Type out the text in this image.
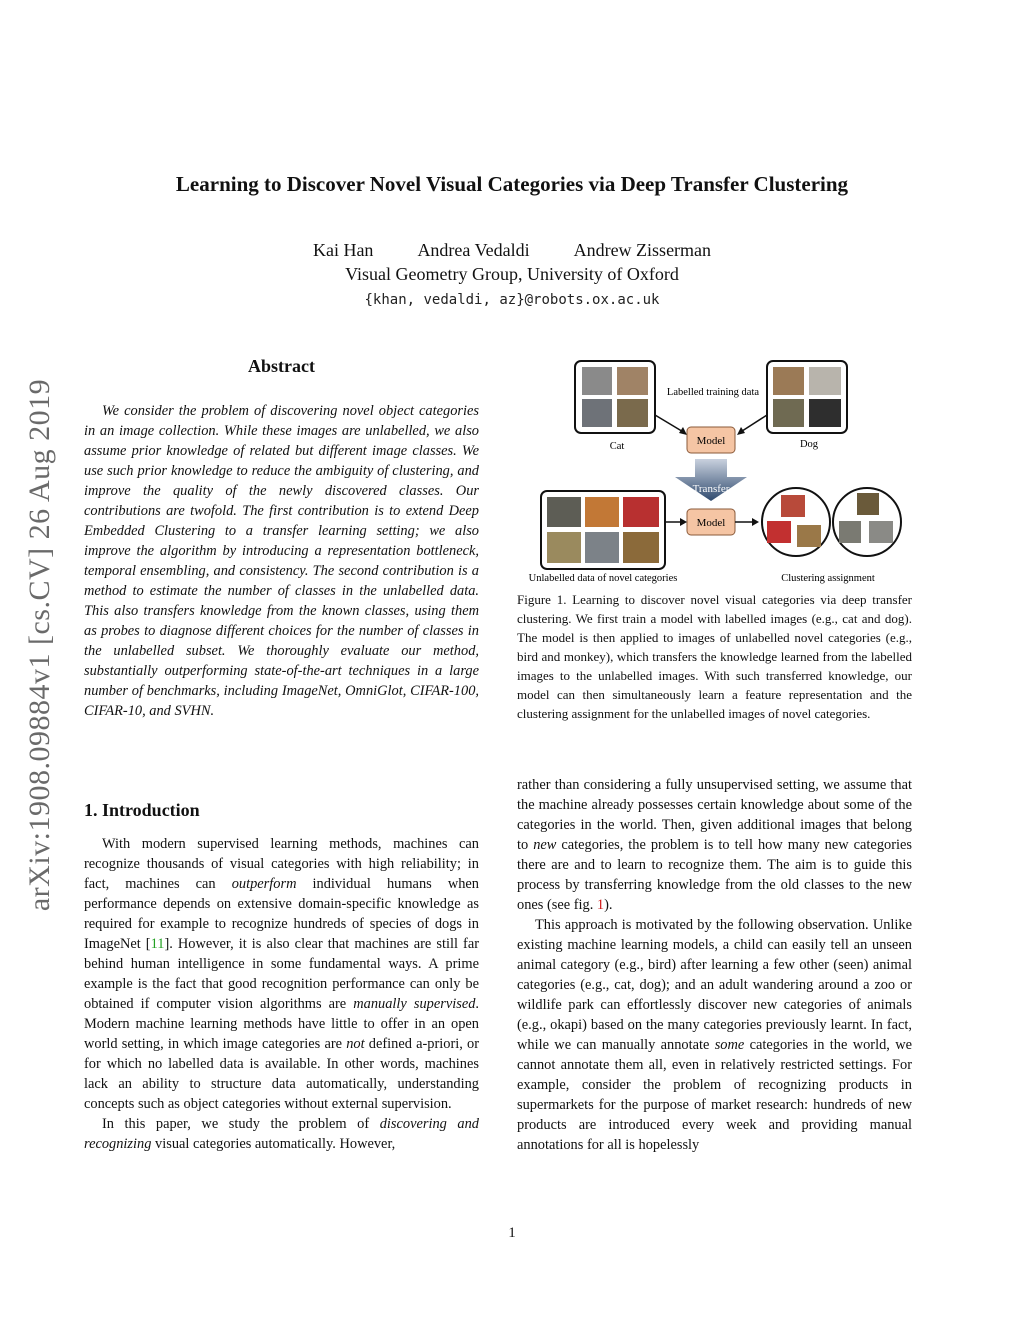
arXiv:1908.09884v1 [cs.CV] 26 Aug 2019
Learning to Discover Novel Visual Categories via Deep Transfer Clustering
Kai Han Andrea Vedaldi Andrew Zisserman
Visual Geometry Group, University of Oxford
{khan, vedaldi, az}@robots.ox.ac.uk
Abstract

We consider the problem of discovering novel object categories in an image collection. While these images are unlabelled, we also assume prior knowledge of related but different image classes. We use such prior knowledge to reduce the ambiguity of clustering, and improve the quality of the newly discovered classes. Our contributions are twofold. The first contribution is to extend Deep Embedded Clustering to a transfer learning setting; we also improve the algorithm by introducing a representation bottleneck, temporal ensembling, and consistency. The second contribution is a method to estimate the number of classes in the unlabelled data. This also transfers knowledge from the known classes, using them as probes to diagnose different choices for the number of classes in the unlabelled subset. We thoroughly evaluate our method, substantially outperforming state-of-the-art techniques in a large number of benchmarks, including ImageNet, OmniGlot, CIFAR-100, CIFAR-10, and SVHN.

1. Introduction

With modern supervised learning methods, machines can recognize thousands of visual categories with high reliability; in fact, machines can outperform individual humans when performance depends on extensive domain-specific knowledge as required for example to recognize hundreds of species of dogs in ImageNet [11]. However, it is also clear that machines are still far behind human intelligence in some fundamental ways. A prime example is the fact that good recognition performance can only be obtained if computer vision algorithms are manually supervised. Modern machine learning methods have little to offer in an open world setting, in which image categories are not defined a-priori, or for which no labelled data is available. In other words, machines lack an ability to structure data automatically, understanding concepts such as object categories without external supervision.

In this paper, we study the problem of discovering and recognizing visual categories automatically. However,

Cat	Dog
Labelled training data
Model
Transfer
Model
Unlabelled data of novel categories	Clustering assignment
Figure 1. Learning to discover novel visual categories via deep transfer clustering. We first train a model with labelled images (e.g., cat and dog). The model is then applied to images of unlabelled novel categories (e.g., bird and monkey), which transfers the knowledge learned from the labelled images to the unlabelled images. With such transferred knowledge, our model can then simultaneously learn a feature representation and the clustering assignment for the unlabelled images of novel categories.

rather than considering a fully unsupervised setting, we assume that the machine already possesses certain knowledge about some of the categories in the world. Then, given additional images that belong to new categories, the problem is to tell how many new categories there are and to learn to recognize them. The aim is to guide this process by transferring knowledge from the old classes to the new ones (see fig. 1).

This approach is motivated by the following observation. Unlike existing machine learning models, a child can easily tell an unseen animal category (e.g., bird) after learning a few other (seen) animal categories (e.g., cat, dog); and an adult wandering around a zoo or wildlife park can effortlessly discover new categories of animals (e.g., okapi) based on the many categories previously learnt. In fact, while we can manually annotate some categories in the world, we cannot annotate them all, even in relatively restricted settings. For example, consider the problem of recognizing products in supermarkets for the purpose of market research: hundreds of new products are introduced every week and providing manual annotations for all is hopelessly

1
